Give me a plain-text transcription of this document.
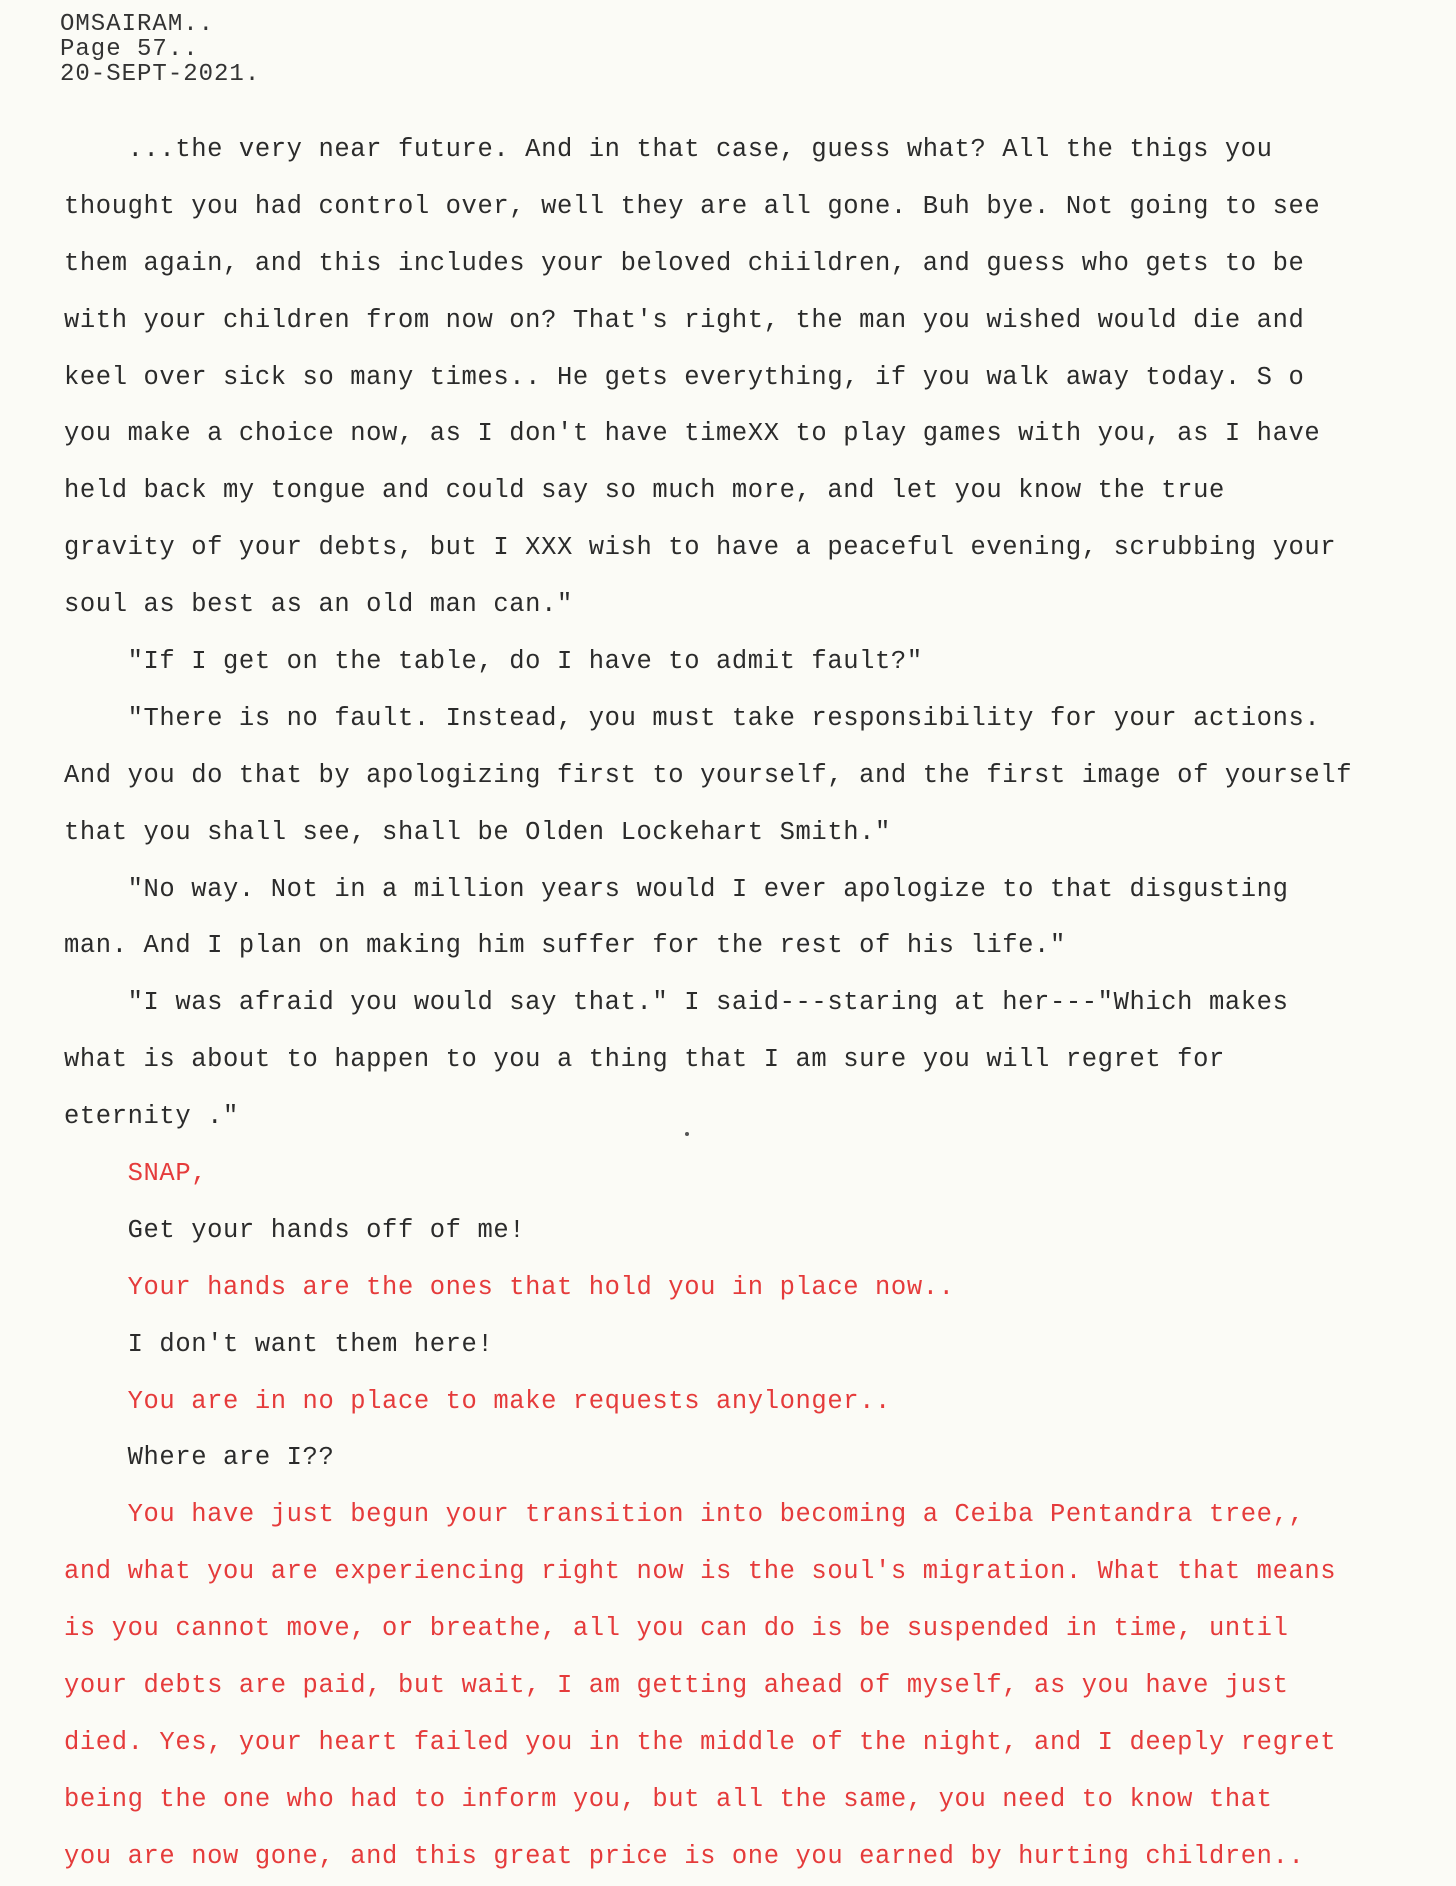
OMSAIRAM..
Page 57..
20-SEPT-2021.
...the very near future. And in that case, guess what? All the thigs you
thought you had control over, well they are all gone. Buh bye. Not going to see
them again, and this includes your beloved chiildren, and guess who gets to be
with your children from now on? That's right, the man you wished would die and
keel over sick so many times.. He gets everything, if you walk away today. S o
you make a choice now, as I don't have timeXX to play games with you, as I have
held back my tongue and could say so much more, and let you know the true
gravity of your debts, but I XXX wish to have a peaceful evening, scrubbing your
soul as best as an old man can."
"If I get on the table, do I have to admit fault?"
"There is no fault. Instead, you must take responsibility for your actions.
And you do that by apologizing first to yourself, and the first image of yourself
that you shall see, shall be Olden Lockehart Smith."
"No way. Not in a million years would I ever apologize to that disgusting
man. And I plan on making him suffer for the rest of his life."
"I was afraid you would say that." I said---staring at her---"Which makes
what is about to happen to you a thing that I am sure you will regret for
eternity ."
SNAP,
Get your hands off of me!
Your hands are the ones that hold you in place now..
I don't want them here!
You are in no place to make requests anylonger..
Where are I??
You have just begun your transition into becoming a Ceiba Pentandra tree,,
and what you are experiencing right now is the soul's migration. What that means
is you cannot move, or breathe, all you can do is be suspended in time, until
your debts are paid, but wait, I am getting ahead of myself, as you have just
died. Yes, your heart failed you in the middle of the night, and I deeply regret
being the one who had to inform you, but all the same, you need to know that
you are now gone, and this great price is one you earned by hurting children..
